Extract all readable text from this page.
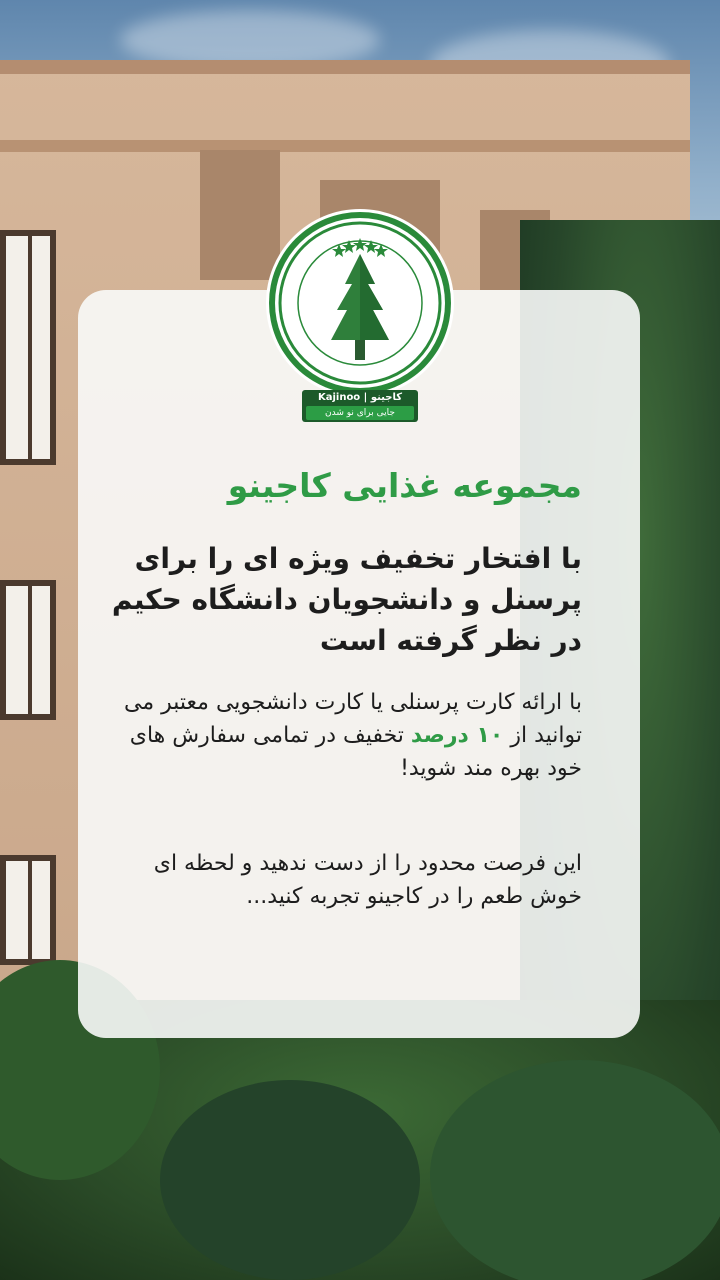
Kajinoo | کاجینو
جایی برای نو شدن
مجموعه غذایی کاجینو
با افتخار تخفیف ویژه ای را برای پرسنل و دانشجویان دانشگاه حکیم در نظر گرفته است
با ارائه کارت پرسنلی یا کارت دانشجویی معتبر می توانید از ۱۰ درصد تخفیف در تمامی سفارش های خود بهره مند شوید!
این فرصت محدود را از دست ندهید و لحظه ای خوش طعم را در کاجینو تجربه کنید...
